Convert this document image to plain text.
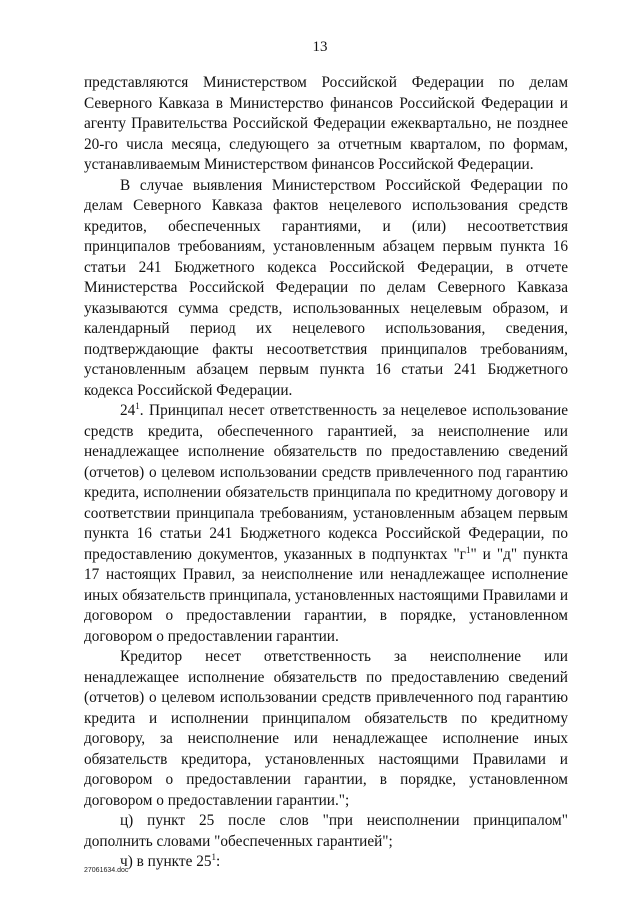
13

представляются Министерством Российской Федерации по делам Северного Кавказа в Министерство финансов Российской Федерации и агенту Правительства Российской Федерации ежеквартально, не позднее 20-го числа месяца, следующего за отчетным кварталом, по формам, устанавливаемым Министерством финансов Российской Федерации.

В случае выявления Министерством Российской Федерации по делам Северного Кавказа фактов нецелевого использования средств кредитов, обеспеченных гарантиями, и (или) несоответствия принципалов требованиям, установленным абзацем первым пункта 16 статьи 241 Бюджетного кодекса Российской Федерации, в отчете Министерства Российской Федерации по делам Северного Кавказа указываются сумма средств, использованных нецелевым образом, и календарный период их нецелевого использования, сведения, подтверждающие факты несоответствия принципалов требованиям, установленным абзацем первым пункта 16 статьи 241 Бюджетного кодекса Российской Федерации.

$24^1$. Принципал несет ответственность за нецелевое использование средств кредита, обеспеченного гарантией, за неисполнение или ненадлежащее исполнение обязательств по предоставлению сведений (отчетов) о целевом использовании средств привлеченного под гарантию кредита, исполнении обязательств принципала по кредитному договору и соответствии принципала требованиям, установленным абзацем первым пункта 16 статьи 241 Бюджетного кодекса Российской Федерации, по предоставлению документов, указанных в подпунктах "$г^1$" и "д" пункта 17 настоящих Правил, за неисполнение или ненадлежащее исполнение иных обязательств принципала, установленных настоящими Правилами и договором о предоставлении гарантии, в порядке, установленном договором о предоставлении гарантии.

Кредитор несет ответственность за неисполнение или ненадлежащее исполнение обязательств по предоставлению сведений (отчетов) о целевом использовании средств привлеченного под гарантию кредита и исполнении принципалом обязательств по кредитному договору, за неисполнение или ненадлежащее исполнение иных обязательств кредитора, установленных настоящими Правилами и договором о предоставлении гарантии, в порядке, установленном договором о предоставлении гарантии.";

ц) пункт 25 после слов "при неисполнении принципалом" дополнить словами "обеспеченных гарантией";

ч) в пункте $25^1$:

27061634.doc
